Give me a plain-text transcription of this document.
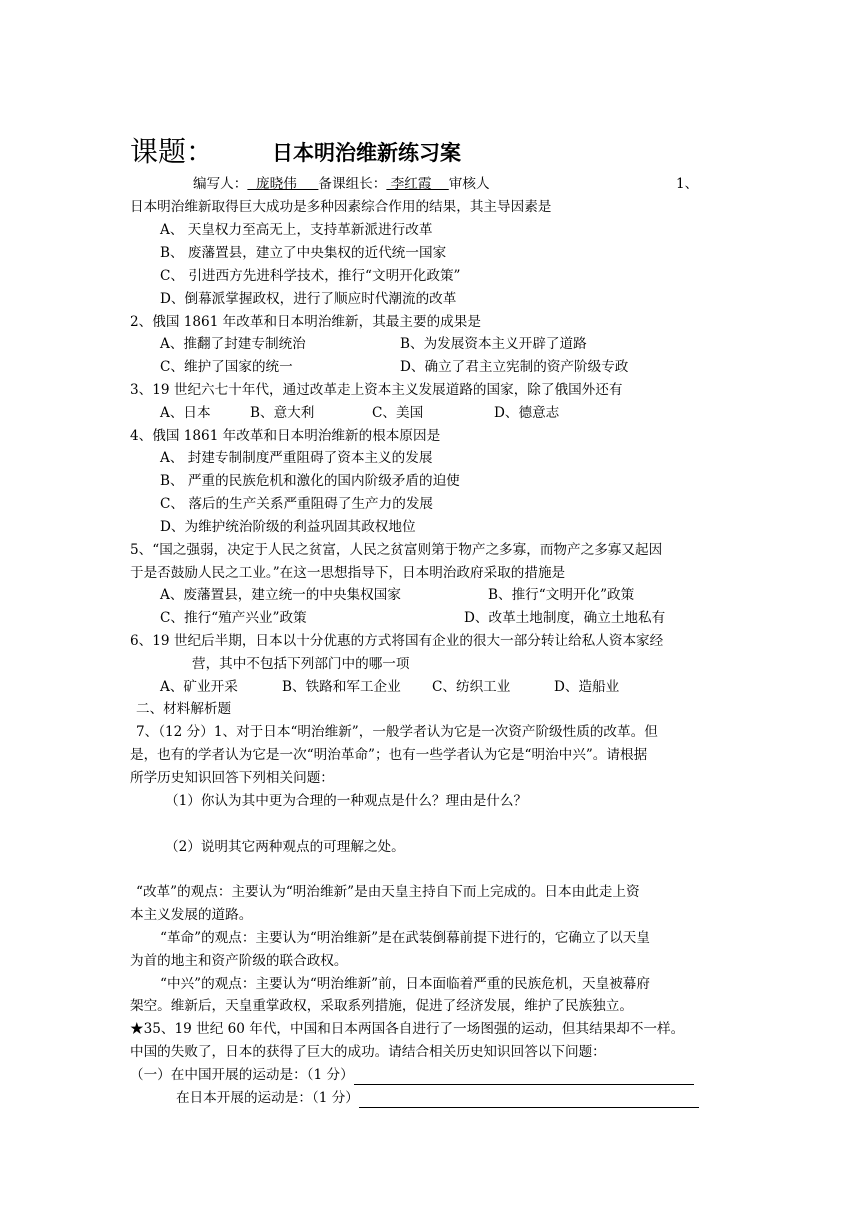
课题：	日本明治维新练习案
编写人：  庞晓伟     备课组长： 李红霞    审核人	1、
日本明治维新取得巨大成功是多种因素综合作用的结果，其主导因素是
A、 天皇权力至高无上，支持革新派进行改革
B、 废藩置县，建立了中央集权的近代统一国家
C、 引进西方先进科学技术，推行“文明开化政策”
D、倒幕派掌握政权，进行了顺应时代潮流的改革
2、俄国 1861 年改革和日本明治维新，其最主要的成果是
A、推翻了封建专制统治	B、为发展资本主义开辟了道路
C、维护了国家的统一	D、确立了君主立宪制的资产阶级专政
3、19 世纪六七十年代，通过改革走上资本主义发展道路的国家，除了俄国外还有
A、日本	B、意大利	C、美国	D、德意志
4、俄国 1861 年改革和日本明治维新的根本原因是
A、 封建专制制度严重阻碍了资本主义的发展
B、 严重的民族危机和激化的国内阶级矛盾的迫使
C、 落后的生产关系严重阻碍了生产力的发展
D、为维护统治阶级的利益巩固其政权地位
5、“国之强弱，决定于人民之贫富，人民之贫富则第于物产之多寡，而物产之多寡又起因
于是否鼓励人民之工业。”在这一思想指导下，日本明治政府采取的措施是
A、废藩置县，建立统一的中央集权国家	B、推行“文明开化”政策
C、推行“殖产兴业”政策	D、改革土地制度，确立土地私有
6、19 世纪后半期，日本以十分优惠的方式将国有企业的很大一部分转让给私人资本家经
营，其中不包括下列部门中的哪一项
A、矿业开采	B、铁路和军工企业 C、纺织工业	D、造船业
二、材料解析题
7、（12 分）1、对于日本“明治维新”，一般学者认为它是一次资产阶级性质的改革。但
是，也有的学者认为它是一次“明治革命”；也有一些学者认为它是“明治中兴”。请根据
所学历史知识回答下列相关问题：
（1）你认为其中更为合理的一种观点是什么？理由是什么？
（2）说明其它两种观点的可理解之处。
“改革”的观点：主要认为“明治维新”是由天皇主持自下而上完成的。日本由此走上资
本主义发展的道路。
“革命”的观点：主要认为“明治维新”是在武装倒幕前提下进行的，它确立了以天皇
为首的地主和资产阶级的联合政权。
“中兴”的观点：主要认为“明治维新”前，日本面临着严重的民族危机，天皇被幕府
架空。维新后，天皇重掌政权，采取系列措施，促进了经济发展，维护了民族独立。
★35、19 世纪 60 年代，中国和日本两国各自进行了一场图强的运动，但其结果却不一样。
中国的失败了，日本的获得了巨大的成功。请结合相关历史知识回答以下问题：
（一）在中国开展的运动是：（1 分）
在日本开展的运动是：（1 分）
